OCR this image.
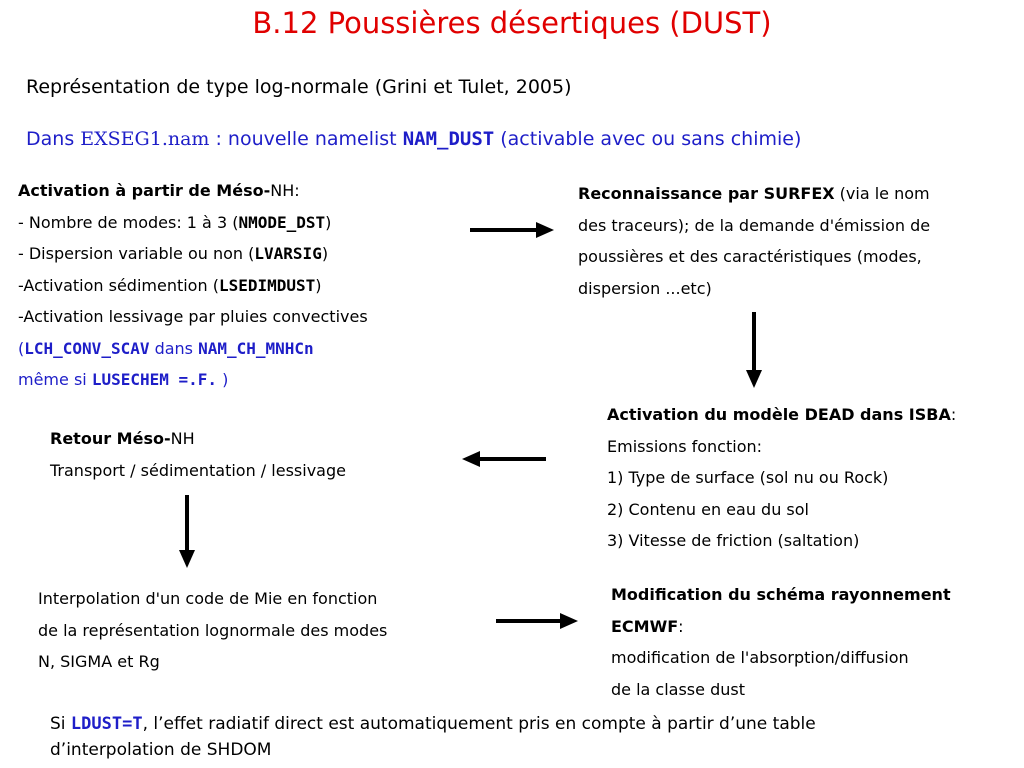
B.12 Poussières désertiques (DUST)
Représentation de type log-normale (Grini et Tulet, 2005)
Dans EXSEG1.nam : nouvelle namelist NAM_DUST (activable avec ou sans chimie)
Activation à partir de Méso-NH:
- Nombre de modes: 1 à 3 (NMODE_DST)
- Dispersion variable ou non (LVARSIG)
-Activation sédimention (LSEDIMDUST)
-Activation lessivage par pluies convectives
(LCH_CONV_SCAV dans NAM_CH_MNHCn
même si LUSECHEM =.F. )
Reconnaissance par SURFEX (via le nom
des traceurs); de la demande d'émission de
poussières et des caractéristiques (modes,
dispersion ...etc)
Activation du modèle DEAD dans ISBA:
Emissions fonction:
1) Type de surface (sol nu ou Rock)
2) Contenu en eau du sol
3) Vitesse de friction (saltation)
Retour Méso-NH
Transport / sédimentation / lessivage
Interpolation d'un code de Mie en fonction
de la représentation lognormale des modes
N, SIGMA et Rg
Modification du schéma rayonnement
ECMWF:
modification de l'absorption/diffusion
de la classe dust
Si LDUST=T, l’effet radiatif direct est automatiquement pris en compte à partir d’une table
d’interpolation de SHDOM
